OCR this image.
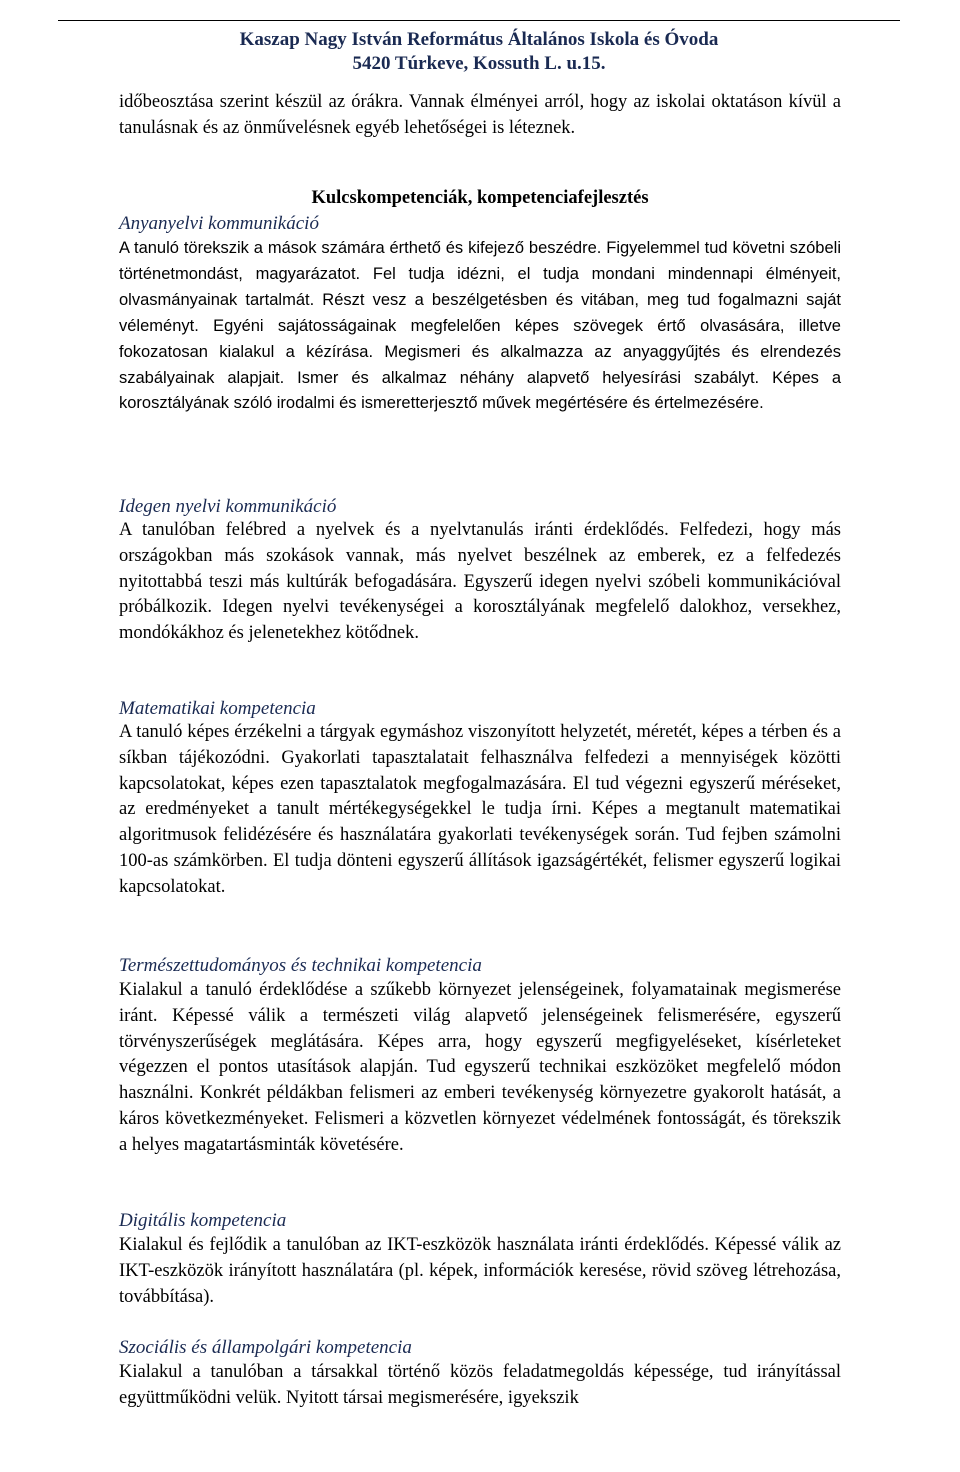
Kaszap Nagy István Református Általános Iskola és Óvoda
5420 Túrkeve, Kossuth L. u.15.

időbeosztása szerint készül az órákra. Vannak élményei arról, hogy az iskolai oktatáson kívül a tanulásnak és az önművelésnek egyéb lehetőségei is léteznek.

Kulcskompetenciák, kompetenciafejlesztés
Anyanyelvi kommunikáció

A tanuló törekszik a mások számára érthető és kifejező beszédre. Figyelemmel tud követni szóbeli történetmondást, magyarázatot. Fel tudja idézni, el tudja mondani mindennapi élményeit, olvasmányainak tartalmát. Részt vesz a beszélgetésben és vitában, meg tud fogalmazni saját véleményt. Egyéni sajátosságainak megfelelően képes szövegek értő olvasására, illetve fokozatosan kialakul a kézírása. Megismeri és alkalmazza az anyaggyűjtés és elrendezés szabályainak alapjait. Ismer és alkalmaz néhány alapvető helyesírási szabályt. Képes a korosztályának szóló irodalmi és ismeretterjesztő művek megértésére és értelmezésére.

Idegen nyelvi kommunikáció

A tanulóban felébred a nyelvek és a nyelvtanulás iránti érdeklődés. Felfedezi, hogy más országokban más szokások vannak, más nyelvet beszélnek az emberek, ez a felfedezés nyitottabbá teszi más kultúrák befogadására. Egyszerű idegen nyelvi szóbeli kommunikációval próbálkozik. Idegen nyelvi tevékenységei a korosztályának megfelelő dalokhoz, versekhez, mondókákhoz és jelenetekhez kötődnek.

Matematikai kompetencia

A tanuló képes érzékelni a tárgyak egymáshoz viszonyított helyzetét, méretét, képes a térben és a síkban tájékozódni. Gyakorlati tapasztalatait felhasználva felfedezi a mennyiségek közötti kapcsolatokat, képes ezen tapasztalatok megfogalmazására. El tud végezni egyszerű méréseket, az eredményeket a tanult mértékegységekkel le tudja írni. Képes a megtanult matematikai algoritmusok felidézésére és használatára gyakorlati tevékenységek során. Tud fejben számolni 100-as számkörben. El tudja dönteni egyszerű állítások igazságértékét, felismer egyszerű logikai kapcsolatokat.

Természettudományos és technikai kompetencia

Kialakul a tanuló érdeklődése a szűkebb környezet jelenségeinek, folyamatainak megismerése iránt. Képessé válik a természeti világ alapvető jelenségeinek felismerésére, egyszerű törvényszerűségek meglátására. Képes arra, hogy egyszerű megfigyeléseket, kísérleteket végezzen el pontos utasítások alapján. Tud egyszerű technikai eszközöket megfelelő módon használni. Konkrét példákban felismeri az emberi tevékenység környezetre gyakorolt hatását, a káros következményeket. Felismeri a közvetlen környezet védelmének fontosságát, és törekszik a helyes magatartásminták követésére.

Digitális kompetencia

Kialakul és fejlődik a tanulóban az IKT-eszközök használata iránti érdeklődés. Képessé válik az IKT-eszközök irányított használatára (pl. képek, információk keresése, rövid szöveg létrehozása, továbbítása).

Szociális és állampolgári kompetencia

Kialakul a tanulóban a társakkal történő közös feladatmegoldás képessége, tud irányítással együttműködni velük. Nyitott társai megismerésére, igyekszik
